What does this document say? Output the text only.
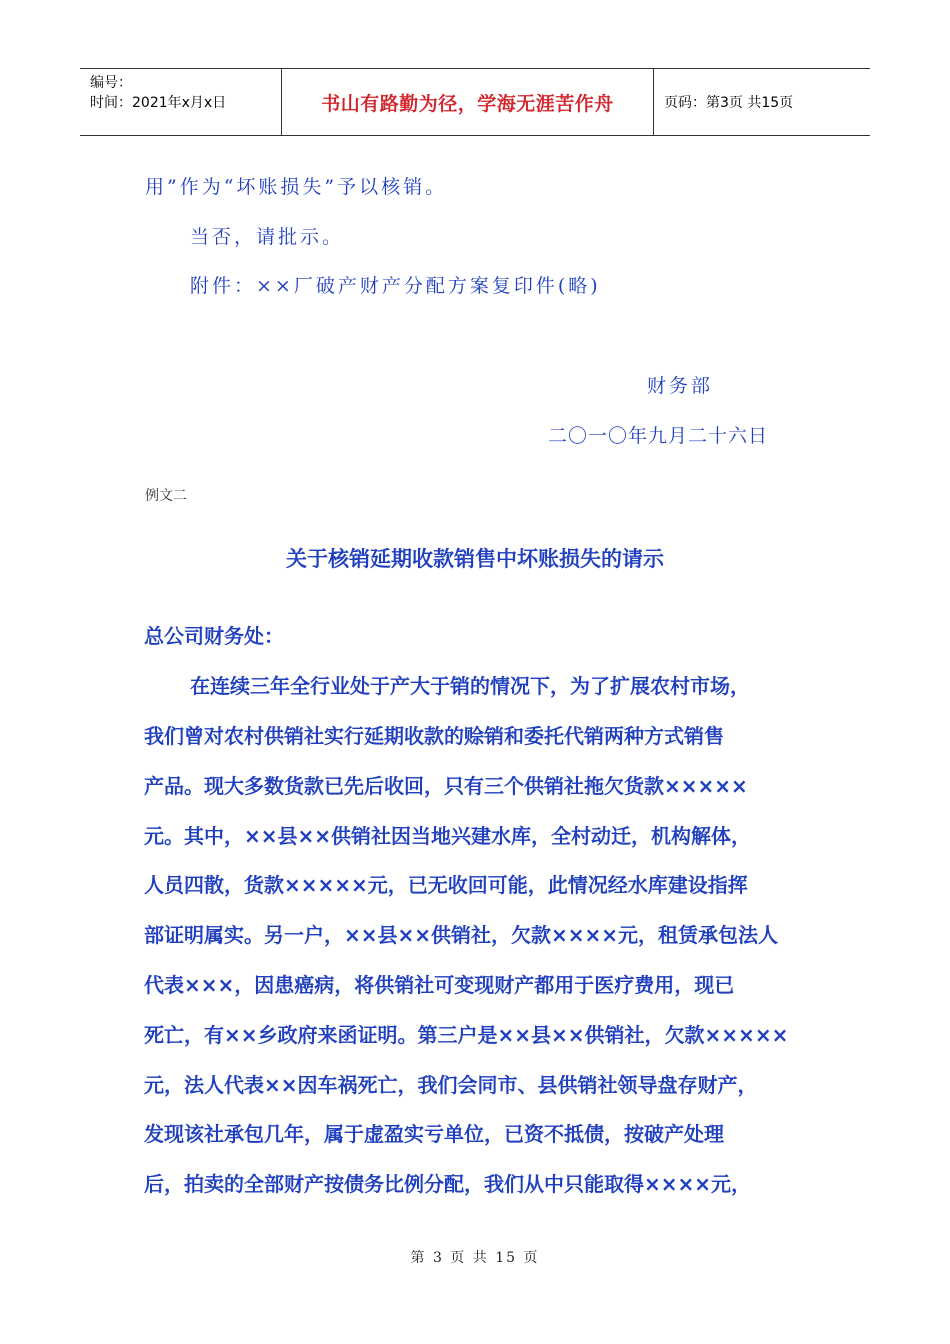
编号：
时间：2021年x月x日	书山有路勤为径，学海无涯苦作舟	页码：第3页 共15页
用”作为“坏账损失”予以核销。
当否，请批示。
附件：××厂破产财产分配方案复印件(略)
财务部
二〇一〇年九月二十六日
例文二
关于核销延期收款销售中坏账损失的请示
总公司财务处：
在连续三年全行业处于产大于销的情况下，为了扩展农村市场，
我们曾对农村供销社实行延期收款的赊销和委托代销两种方式销售
产品。现大多数货款已先后收回，只有三个供销社拖欠货款×××××
元。其中，××县××供销社因当地兴建水库，全村动迁，机构解体，
人员四散，货款×××××元，已无收回可能，此情况经水库建设指挥
部证明属实。另一户，××县××供销社，欠款××××元，租赁承包法人
代表×××，因患癌病，将供销社可变现财产都用于医疗费用，现已
死亡，有××乡政府来函证明。第三户是××县××供销社，欠款×××××
元，法人代表××因车祸死亡，我们会同市、县供销社领导盘存财产，
发现该社承包几年，属于虚盈实亏单位，已资不抵债，按破产处理
后，拍卖的全部财产按债务比例分配，我们从中只能取得××××元，
第 3 页 共 15 页
